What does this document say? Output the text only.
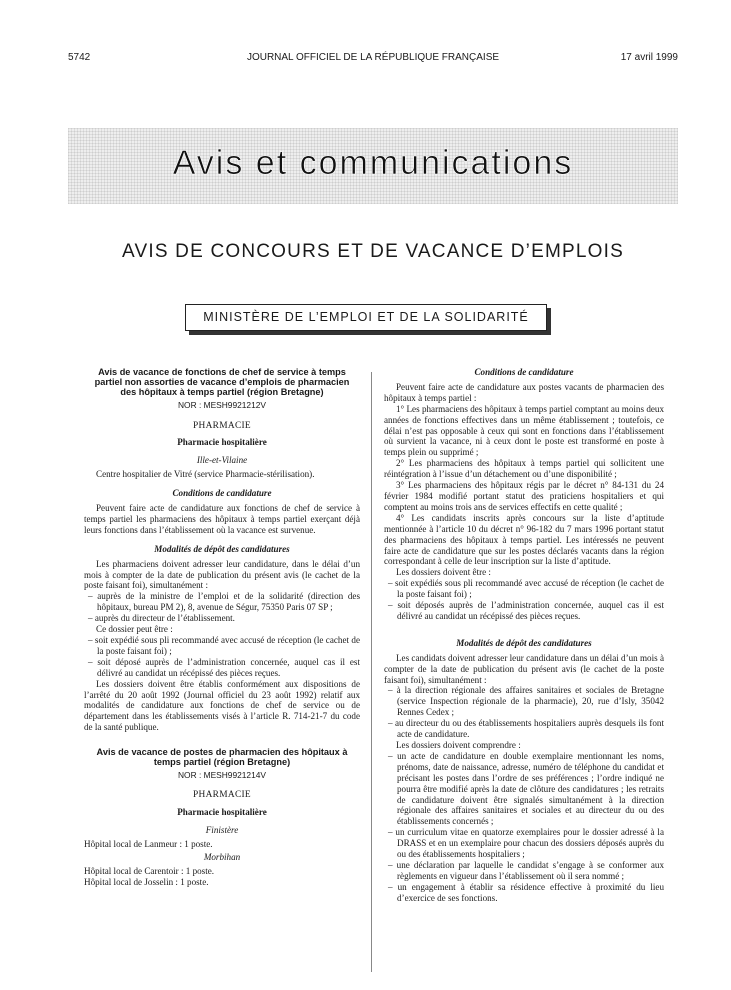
5742	JOURNAL OFFICIEL DE LA RÉPUBLIQUE FRANÇAISE	17 avril 1999
Avis et communications
AVIS DE CONCOURS ET DE VACANCE D’EMPLOIS
MINISTÈRE DE L’EMPLOI ET DE LA SOLIDARITÉ
Avis de vacance de fonctions de chef de service à temps partiel non assorties de vacance d’emplois de pharmacien des hôpitaux à temps partiel (région Bretagne)
NOR : MESH9921212V
PHARMACIE
Pharmacie hospitalière
Ille-et-Vilaine

Centre hospitalier de Vitré (service Pharmacie-stérilisation).

Conditions de candidature

Peuvent faire acte de candidature aux fonctions de chef de service à temps partiel les pharmaciens des hôpitaux à temps partiel exerçant déjà leurs fonctions dans l’établissement où la vacance est survenue.

Modalités de dépôt des candidatures

Les pharmaciens doivent adresser leur candidature, dans le délai d’un mois à compter de la date de publication du présent avis (le cachet de la poste faisant foi), simultanément :

– auprès de la ministre de l’emploi et de la solidarité (direction des hôpitaux, bureau PM 2), 8, avenue de Ségur, 75350 Paris 07 SP ;

– auprès du directeur de l’établissement.

Ce dossier peut être :

– soit expédié sous pli recommandé avec accusé de réception (le cachet de la poste faisant foi) ;

– soit déposé auprès de l’administration concernée, auquel cas il est délivré au candidat un récépissé des pièces reçues.

Les dossiers doivent être établis conformément aux dispositions de l’arrêté du 20 août 1992 (Journal officiel du 23 août 1992) relatif aux modalités de candidature aux fonctions de chef de service ou de département dans les établissements visés à l’article R. 714-21-7 du code de la santé publique.

Avis de vacance de postes de pharmacien des hôpitaux à temps partiel (région Bretagne)
NOR : MESH9921214V
PHARMACIE
Pharmacie hospitalière
Finistère

Hôpital local de Lanmeur : 1 poste.

Morbihan

Hôpital local de Carentoir : 1 poste.

Hôpital local de Josselin : 1 poste.

Conditions de candidature

Peuvent faire acte de candidature aux postes vacants de pharmacien des hôpitaux à temps partiel :

1° Les pharmaciens des hôpitaux à temps partiel comptant au moins deux années de fonctions effectives dans un même établissement ; toutefois, ce délai n’est pas opposable à ceux qui sont en fonctions dans l’établissement où survient la vacance, ni à ceux dont le poste est transformé en poste à temps plein ou supprimé ;

2° Les pharmaciens des hôpitaux à temps partiel qui sollicitent une réintégration à l’issue d’un détachement ou d’une disponibilité ;

3° Les pharmaciens des hôpitaux régis par le décret n° 84-131 du 24 février 1984 modifié portant statut des praticiens hospitaliers et qui comptent au moins trois ans de services effectifs en cette qualité ;

4° Les candidats inscrits après concours sur la liste d’aptitude mentionnée à l’article 10 du décret n° 96-182 du 7 mars 1996 portant statut des pharmaciens des hôpitaux à temps partiel. Les intéressés ne peuvent faire acte de candidature que sur les postes déclarés vacants dans la région correspondant à celle de leur inscription sur la liste d’aptitude.

Les dossiers doivent être :

– soit expédiés sous pli recommandé avec accusé de réception (le cachet de la poste faisant foi) ;

– soit déposés auprès de l’administration concernée, auquel cas il est délivré au candidat un récépissé des pièces reçues.

Modalités de dépôt des candidatures

Les candidats doivent adresser leur candidature dans un délai d’un mois à compter de la date de publication du présent avis (le cachet de la poste faisant foi), simultanément :

– à la direction régionale des affaires sanitaires et sociales de Bretagne (service Inspection régionale de la pharmacie), 20, rue d’Isly, 35042 Rennes Cedex ;

– au directeur du ou des établissements hospitaliers auprès desquels ils font acte de candidature.

Les dossiers doivent comprendre :

– un acte de candidature en double exemplaire mentionnant les noms, prénoms, date de naissance, adresse, numéro de téléphone du candidat et précisant les postes dans l’ordre de ses préférences ; l’ordre indiqué ne pourra être modifié après la date de clôture des candidatures ; les retraits de candidature doivent être signalés simultanément à la direction régionale des affaires sanitaires et sociales et au directeur du ou des établissements concernés ;

– un curriculum vitae en quatorze exemplaires pour le dossier adressé à la DRASS et en un exemplaire pour chacun des dossiers déposés auprès du ou des établissements hospitaliers ;

– une déclaration par laquelle le candidat s’engage à se conformer aux règlements en vigueur dans l’établissement où il sera nommé ;

– un engagement à établir sa résidence effective à proximité du lieu d’exercice de ses fonctions.
